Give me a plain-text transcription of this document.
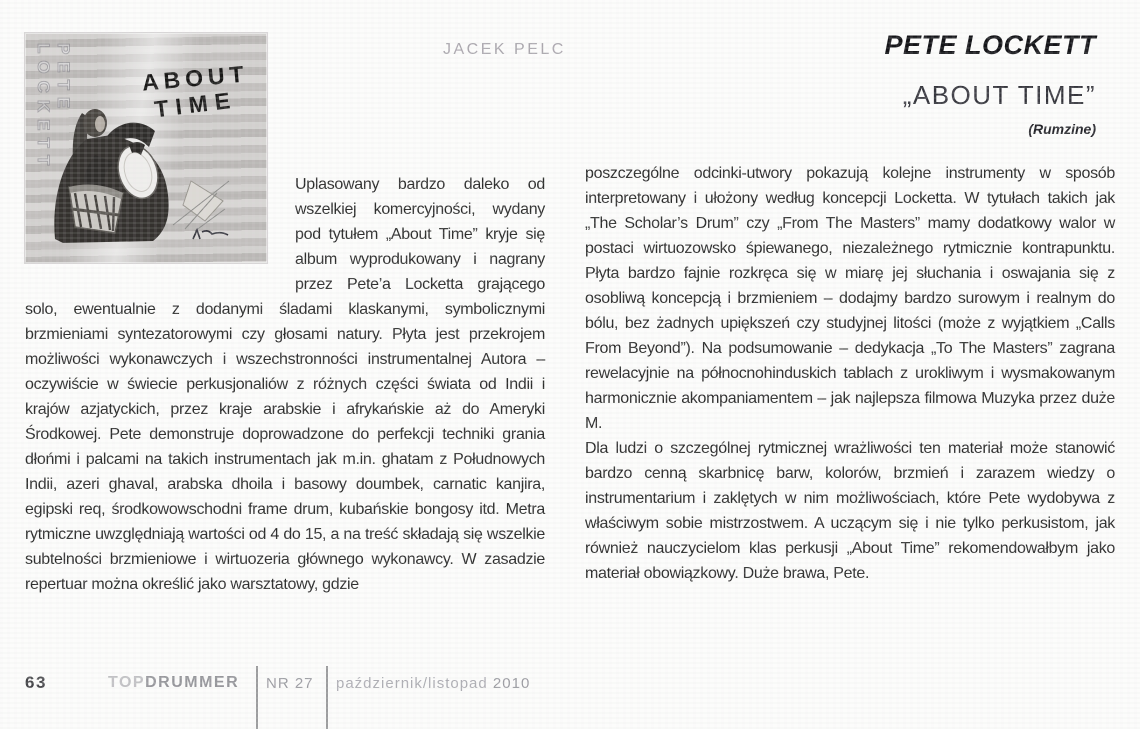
PETE LOCKETT	ABOUT
TIME
JACEK PELC	PETE LOCKETT
„ABOUT TIME”
(Rumzine)

Uplasowany bardzo daleko od wszelkiej komercyjności, wydany pod tytułem „About Time” kryje się album wyprodukowany i nagrany przez Pete’a Locketta grającego solo, ewentualnie z dodanymi śladami klaskanymi, symbolicznymi brzmieniami syntezatorowymi czy głosami natury. Płyta jest przekrojem możliwości wykonawczych i wszechstronności instrumentalnej Autora – oczywiście w świecie perkusjonaliów z różnych części świata od Indii i krajów azjatyckich, przez kraje arabskie i afrykańskie aż do Ameryki Środkowej. Pete demonstruje doprowadzone do perfekcji techniki grania dłońmi i palcami na takich instrumentach jak m.in. ghatam z Połudnowych Indii, azeri ghaval, arabska dhoila i basowy doumbek, carnatic kanjira, egipski req, środkowowschodni frame drum, kubańskie bongosy itd. Metra rytmiczne uwzględniają wartości od 4 do 15, a na treść składają się wszelkie subtelności brzmieniowe i wirtuozeria głównego wykonawcy. W zasadzie repertuar można określić jako warsztatowy, gdzie

poszczególne odcinki-utwory pokazują kolejne instrumenty w sposób interpretowany i ułożony według koncepcji Locketta. W tytułach takich jak „The Scholar’s Drum” czy „From The Masters” mamy dodatkowy walor w postaci wirtuozowsko śpiewanego, niezależnego rytmicznie kontrapunktu. Płyta bardzo fajnie rozkręca się w miarę jej słuchania i oswajania się z osobliwą koncepcją i brzmieniem – dodajmy bardzo surowym i realnym do bólu, bez żadnych upiększeń czy studyjnej litości (może z wyjątkiem „Calls From Beyond”). Na podsumowanie – dedykacja „To The Masters” zagrana rewelacyjnie na północnohinduskich tablach z urokliwym i wysmakowanym harmonicznie akompaniamentem – jak najlepsza filmowa Muzyka przez duże M.

Dla ludzi o szczególnej rytmicznej wrażliwości ten materiał może stanowić bardzo cenną skarbnicę barw, kolorów, brzmień i zarazem wiedzy o instrumentarium i zaklętych w nim możliwościach, które Pete wydobywa z właściwym sobie mistrzostwem. A uczącym się i nie tylko perkusistom, jak również nauczycielom klas perkusji „About Time” rekomendowałbym jako materiał obowiązkowy. Duże brawa, Pete.

63	TOPDRUMMER NR 27 październik/listopad 2010
